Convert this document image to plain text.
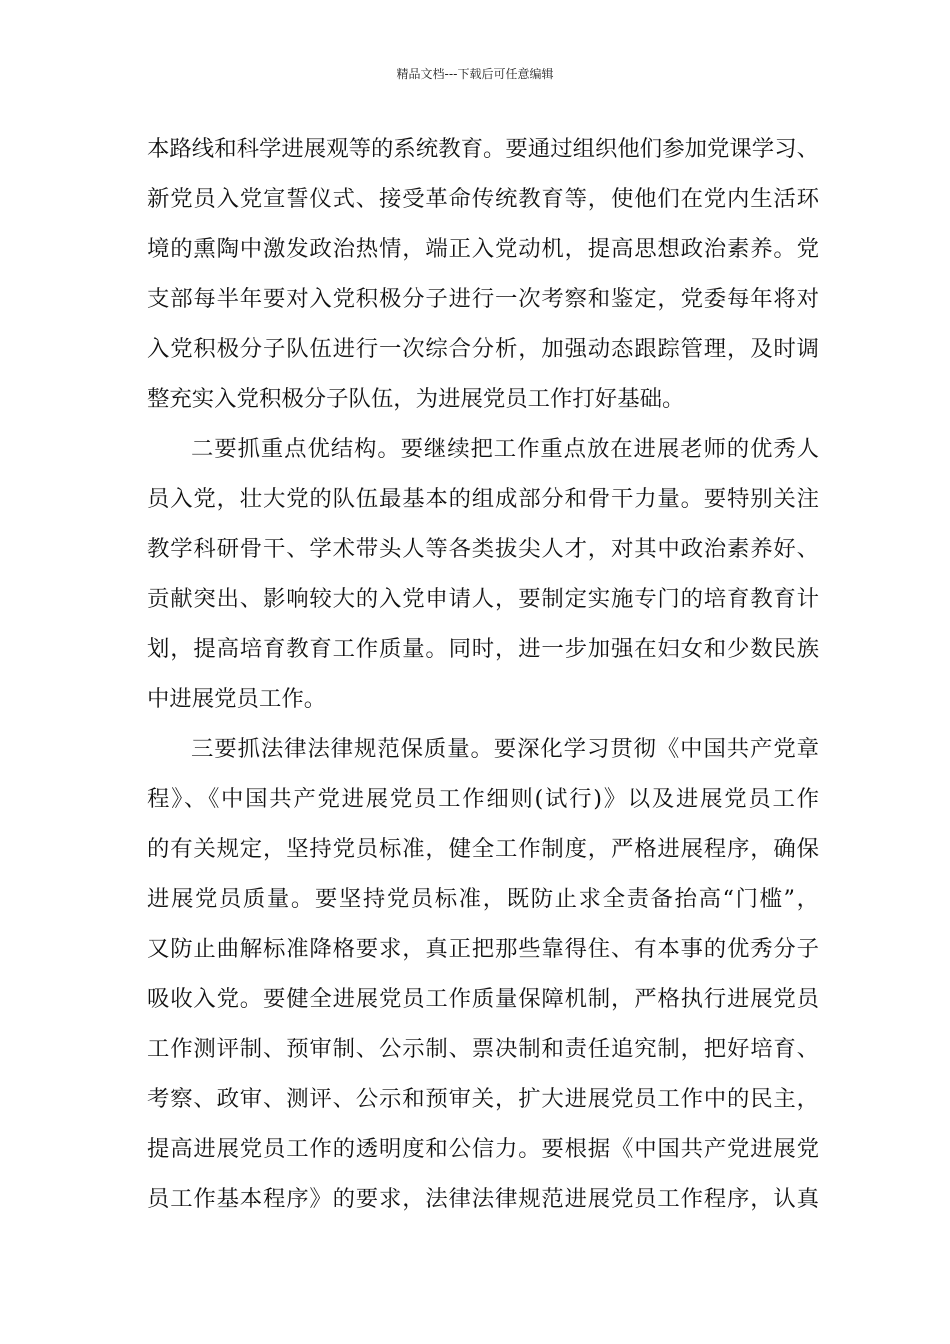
精品文档---下载后可任意编辑
本路线和科学进展观等的系统教育。要通过组织他们参加党课学习、
新党员入党宣誓仪式、接受革命传统教育等，使他们在党内生活环
境的熏陶中激发政治热情，端正入党动机，提高思想政治素养。党
支部每半年要对入党积极分子进行一次考察和鉴定，党委每年将对
入党积极分子队伍进行一次综合分析，加强动态跟踪管理，及时调
整充实入党积极分子队伍，为进展党员工作打好基础。
二要抓重点优结构。要继续把工作重点放在进展老师的优秀人
员入党，壮大党的队伍最基本的组成部分和骨干力量。要特别关注
教学科研骨干、学术带头人等各类拔尖人才，对其中政治素养好、
贡献突出、影响较大的入党申请人，要制定实施专门的培育教育计
划，提高培育教育工作质量。同时，进一步加强在妇女和少数民族
中进展党员工作。
三要抓法律法律规范保质量。要深化学习贯彻《中国共产党章
程》、《中国共产党进展党员工作细则(试行)》以及进展党员工作
的有关规定，坚持党员标准，健全工作制度，严格进展程序，确保
进展党员质量。要坚持党员标准，既防止求全责备抬高“门槛”，
又防止曲解标准降格要求，真正把那些靠得住、有本事的优秀分子
吸收入党。要健全进展党员工作质量保障机制，严格执行进展党员
工作测评制、预审制、公示制、票决制和责任追究制，把好培育、
考察、政审、测评、公示和预审关，扩大进展党员工作中的民主，
提高进展党员工作的透明度和公信力。要根据《中国共产党进展党
员工作基本程序》的要求，法律法律规范进展党员工作程序，认真
